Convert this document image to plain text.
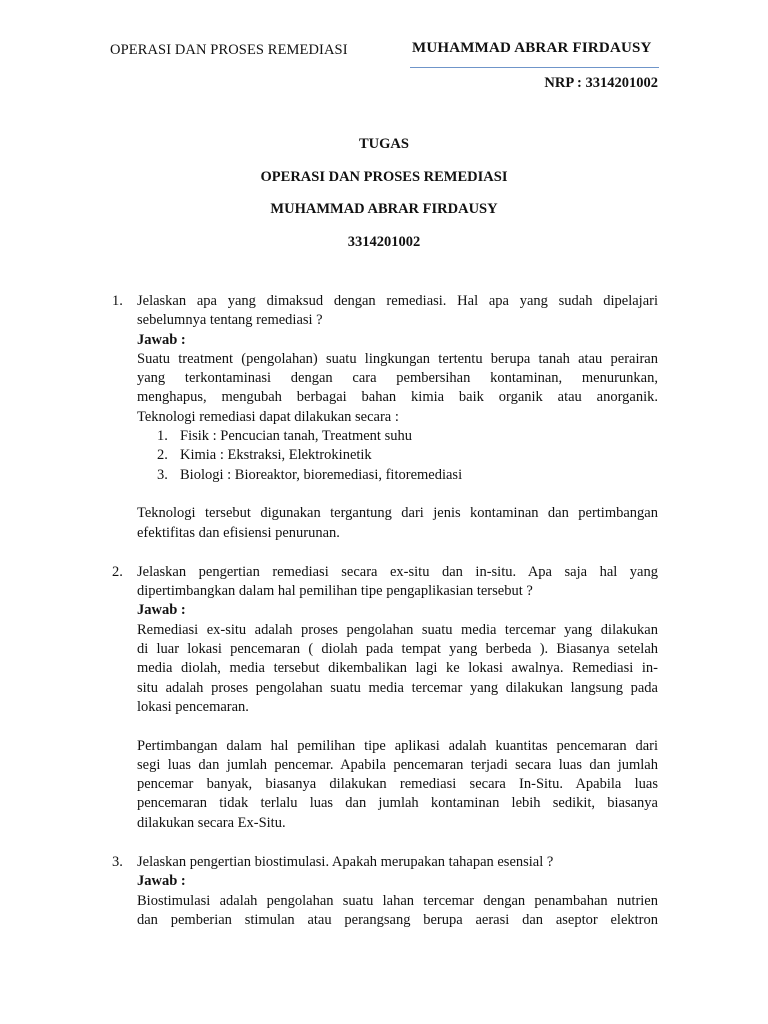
OPERASI DAN PROSES REMEDIASI	MUHAMMAD ABRAR FIRDAUSY
NRP : 3314201002
TUGAS
OPERASI DAN PROSES REMEDIASI
MUHAMMAD ABRAR FIRDAUSY
3314201002
1. Jelaskan apa yang dimaksud dengan remediasi. Hal apa yang sudah dipelajari
sebelumnya tentang remediasi ?
Jawab :
Suatu treatment (pengolahan) suatu lingkungan tertentu berupa tanah atau perairan
yang terkontaminasi dengan cara pembersihan kontaminan, menurunkan,
menghapus, mengubah berbagai bahan kimia baik organik atau anorganik.
Teknologi remediasi dapat dilakukan secara :
1. Fisik : Pencucian tanah, Treatment suhu
2. Kimia : Ekstraksi, Elektrokinetik
3. Biologi : Bioreaktor, bioremediasi, fitoremediasi
Teknologi tersebut digunakan tergantung dari jenis kontaminan dan pertimbangan
efektifitas dan efisiensi penurunan.
2. Jelaskan pengertian remediasi secara ex-situ dan in-situ. Apa saja hal yang
dipertimbangkan dalam hal pemilihan tipe pengaplikasian tersebut ?
Jawab :
Remediasi ex-situ adalah proses pengolahan suatu media tercemar yang dilakukan
di luar lokasi pencemaran ( diolah pada tempat yang berbeda ). Biasanya setelah
media diolah, media tersebut dikembalikan lagi ke lokasi awalnya. Remediasi in-
situ adalah proses pengolahan suatu media tercemar yang dilakukan langsung pada
lokasi pencemaran.
Pertimbangan dalam hal pemilihan tipe aplikasi adalah kuantitas pencemaran dari
segi luas dan jumlah pencemar. Apabila pencemaran terjadi secara luas dan jumlah
pencemar banyak, biasanya dilakukan remediasi secara In-Situ. Apabila luas
pencemaran tidak terlalu luas dan jumlah kontaminan lebih sedikit, biasanya
dilakukan secara Ex-Situ.
3. Jelaskan pengertian biostimulasi. Apakah merupakan tahapan esensial ?
Jawab :
Biostimulasi adalah pengolahan suatu lahan tercemar dengan penambahan nutrien
dan pemberian stimulan atau perangsang berupa aerasi dan aseptor elektron
